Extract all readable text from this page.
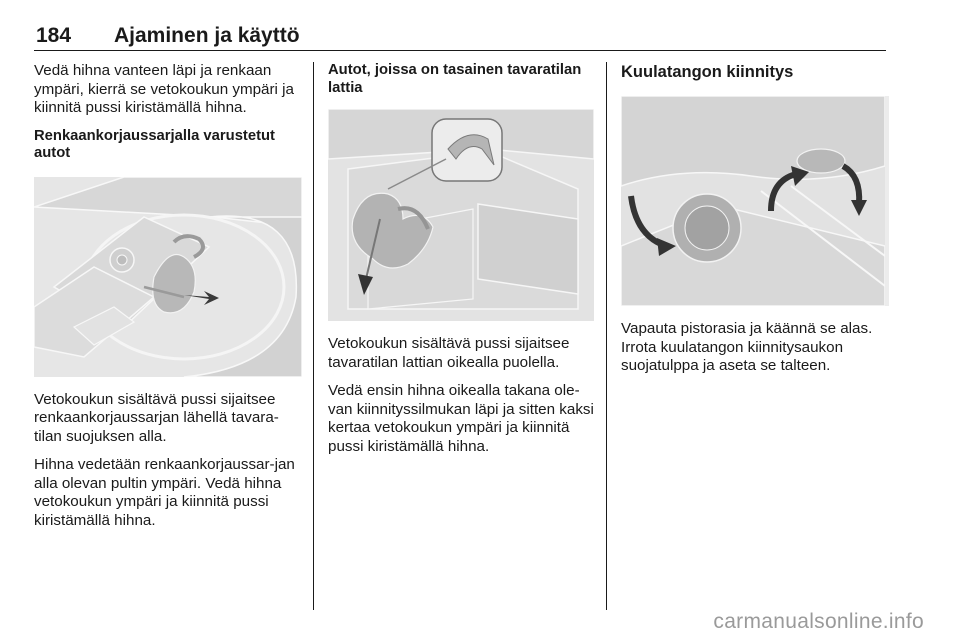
184 Ajaminen ja käyttö

Vedä hihna vanteen läpi ja renkaan ympäri, kierrä se vetokoukun ympäri ja kiinnitä pussi kiristämällä hihna.

Renkaankorjaussarjalla varustetut autot

Vetokoukun sisältävä pussi sijaitsee renkaankorjaussarjan lähellä tavara-tilan suojuksen alla.

Hihna vedetään renkaankorjaussar-jan alla olevan pultin ympäri. Vedä hihna vetokoukun ympäri ja kiinnitä pussi kiristämällä hihna.

Autot, joissa on tasainen tavaratilan lattia

Vetokoukun sisältävä pussi sijaitsee tavaratilan lattian oikealla puolella.

Vedä ensin hihna oikealla takana ole-van kiinnityssilmukan läpi ja sitten kaksi kertaa vetokoukun ympäri ja kiinnitä pussi kiristämällä hihna.

Kuulatangon kiinnitys

Vapauta pistorasia ja käännä se alas. Irrota kuulatangon kiinnitysaukon suojatulppa ja aseta se talteen.

carmanualsonline.info
